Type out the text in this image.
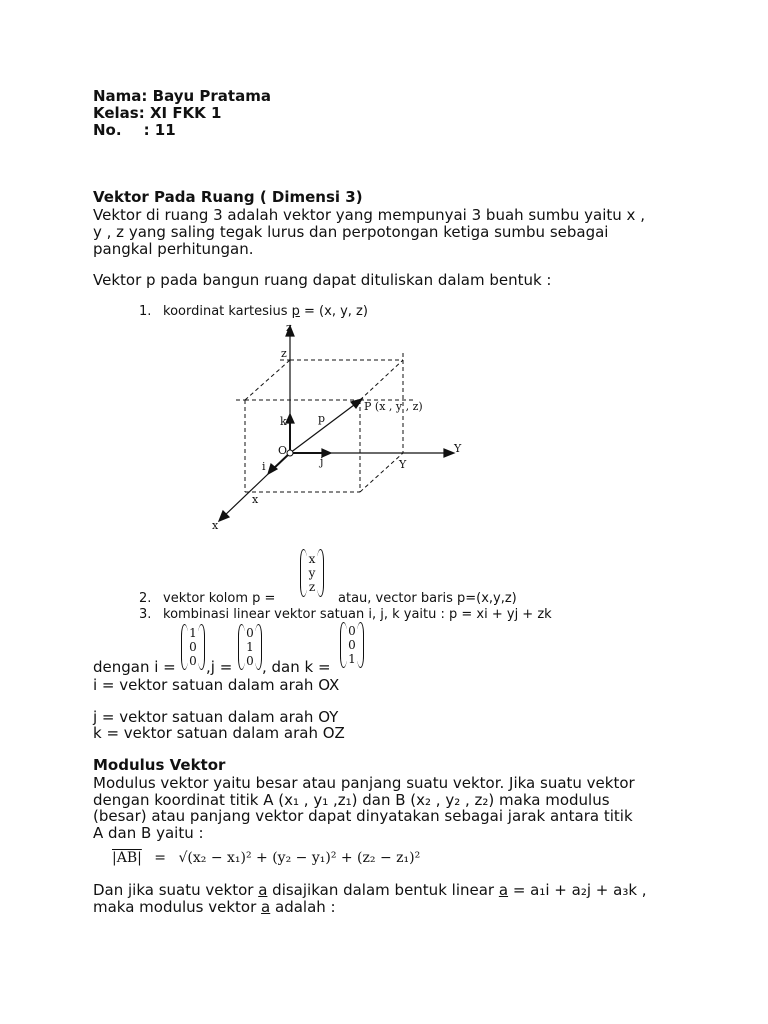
Nama: Bayu Pratama
Kelas: XI FKK 1
No. : 11
Vektor Pada Ruang ( Dimensi 3)
Vektor di ruang 3 adalah vektor yang mempunyai 3 buah sumbu yaitu x ,
y , z yang saling tegak lurus dan perpotongan ketiga sumbu sebagai
pangkal perhitungan.
Vektor p pada bangun ruang dapat dituliskan dalam bentuk :
1. koordinat kartesius p = (x, y, z)
z
z
k	p
P (x , y , z)
O
j
i
Y
Y
x
x
x
y
z
2. vektor kolom p =	atau, vector baris p=(x,y,z)
3. kombinasi linear vektor satuan i, j, k yaitu : p = xi + yj + zk
1
0
0
0
1
0
0
0
1
dengan i = ,j = , dan k =
i = vektor satuan dalam arah OX
j = vektor satuan dalam arah OY
k = vektor satuan dalam arah OZ
Modulus Vektor
Modulus vektor yaitu besar atau panjang suatu vektor. Jika suatu vektor
dengan koordinat titik A (x₁ , y₁ ,z₁) dan B (x₂ , y₂ , z₂) maka modulus
(besar) atau panjang vektor dapat dinyatakan sebagai jarak antara titik
A dan B yaitu :
|AB| = √(x₂ − x₁)² + (y₂ − y₁)² + (z₂ − z₁)²
Dan jika suatu vektor a disajikan dalam bentuk linear a = a₁i + a₂j + a₃k ,
maka modulus vektor a adalah :
